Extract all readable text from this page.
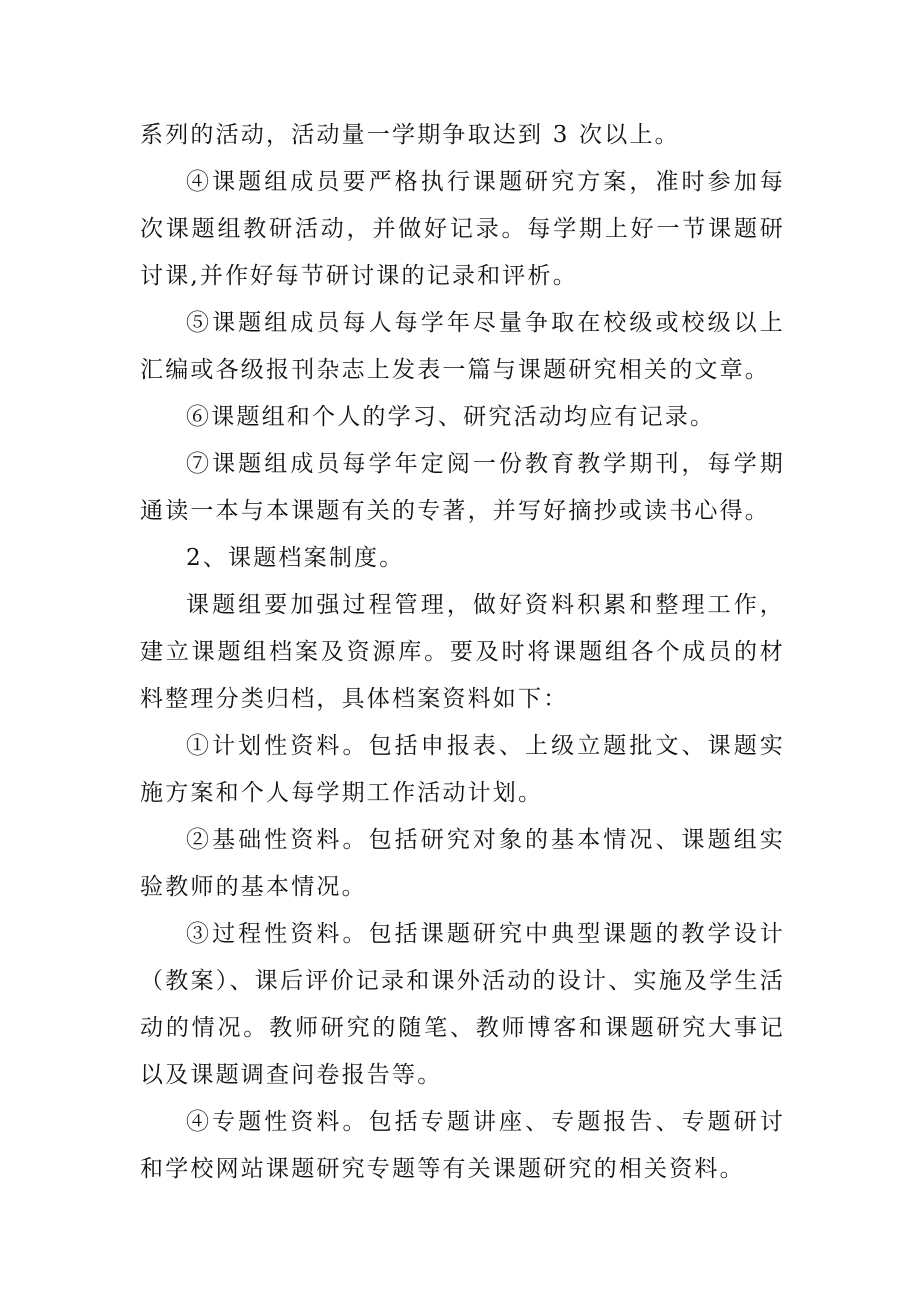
系列的活动，活动量一学期争取达到 3 次以上。

④课题组成员要严格执行课题研究方案，准时参加每次课题组教研活动，并做好记录。每学期上好一节课题研讨课,并作好每节研讨课的记录和评析。

⑤课题组成员每人每学年尽量争取在校级或校级以上汇编或各级报刊杂志上发表一篇与课题研究相关的文章。

⑥课题组和个人的学习、研究活动均应有记录。

⑦课题组成员每学年定阅一份教育教学期刊，每学期通读一本与本课题有关的专著，并写好摘抄或读书心得。

2、课题档案制度。

课题组要加强过程管理，做好资料积累和整理工作，建立课题组档案及资源库。要及时将课题组各个成员的材料整理分类归档，具体档案资料如下：

①计划性资料。包括申报表、上级立题批文、课题实施方案和个人每学期工作活动计划。

②基础性资料。包括研究对象的基本情况、课题组实验教师的基本情况。

③过程性资料。包括课题研究中典型课题的教学设计（教案）、课后评价记录和课外活动的设计、实施及学生活动的情况。教师研究的随笔、教师博客和课题研究大事记以及课题调查问卷报告等。

④专题性资料。包括专题讲座、专题报告、专题研讨和学校网站课题研究专题等有关课题研究的相关资料。
